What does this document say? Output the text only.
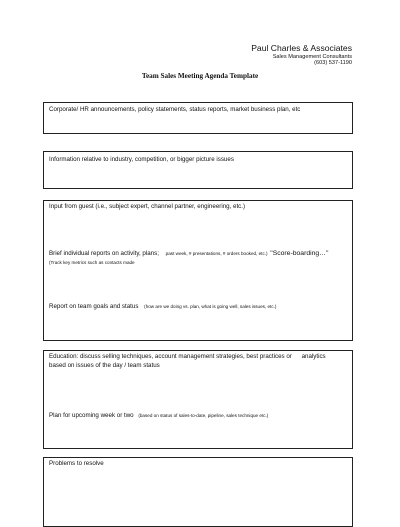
Paul Charles & Associates
Sales Management Consultants
(603) 537-1190
Team Sales Meeting Agenda Template
Corporate/ HR announcements, policy statements, status reports, market business plan, etc
Information relative to industry, competition, or bigger picture issues
Input from guest (i.e., subject expert, channel partner, engineering, etc.)
Brief individual reports on activity, plans; past week, # presentations, # orders booked, etc.) "Score-boarding…"
(Track key metrics such as contacts made
Report on team goals and status (how are we doing vs. plan, what is going well, sales issues, etc.)
Education: discuss selling techniques, account management strategies, best practices or analytics
based on issues of the day / team status
Plan for upcoming week or two (based on status of sales-to-date, pipeline, sales technique etc.)
Problems to resolve
